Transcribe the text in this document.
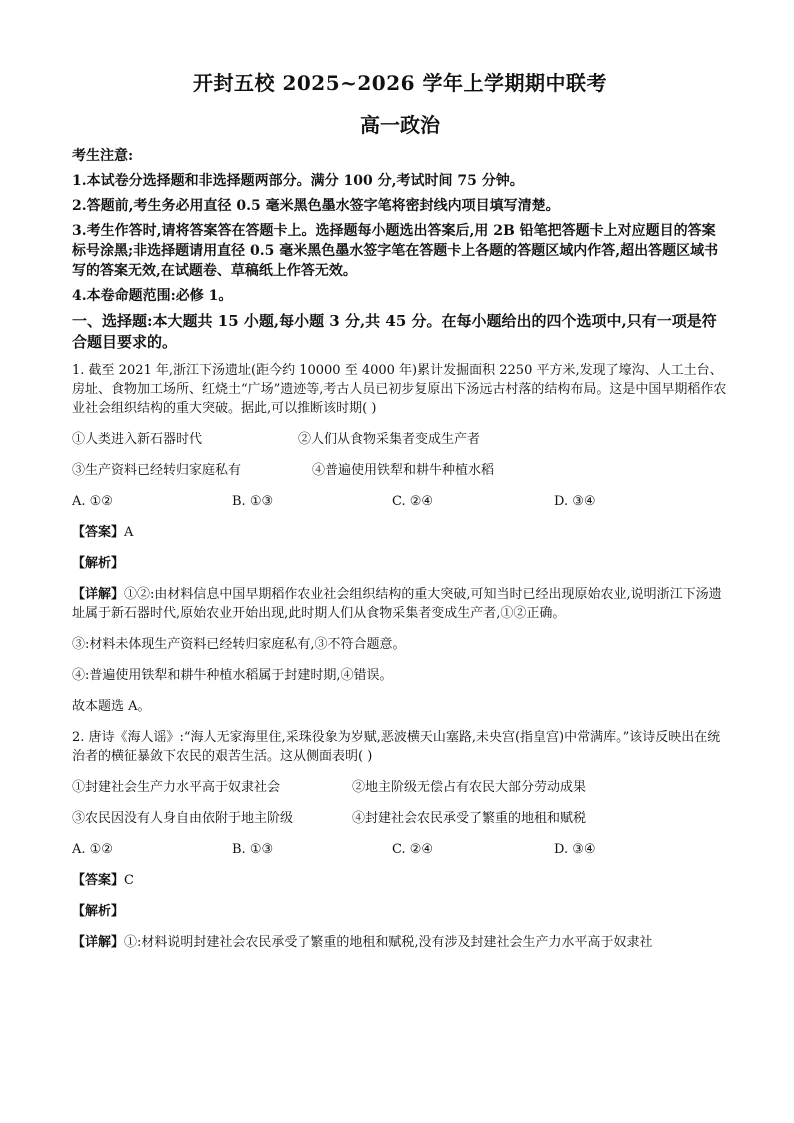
开封五校 2025~2026 学年上学期期中联考
高一政治
考生注意:
1.本试卷分选择题和非选择题两部分。满分 100 分,考试时间 75 分钟。
2.答题前,考生务必用直径 0.5 毫米黑色墨水签字笔将密封线内项目填写清楚。
3.考生作答时,请将答案答在答题卡上。选择题每小题选出答案后,用 2B 铅笔把答题卡上对应题目的答案标号涂黑;非选择题请用直径 0.5 毫米黑色墨水签字笔在答题卡上各题的答题区域内作答,超出答题区域书写的答案无效,在试题卷、草稿纸上作答无效。
4.本卷命题范围:必修 1。
一、选择题:本大题共 15 小题,每小题 3 分,共 45 分。在每小题给出的四个选项中,只有一项是符合题目要求的。
1. 截至 2021 年,浙江下汤遗址(距今约 10000 至 4000 年)累计发掘面积 2250 平方米,发现了壕沟、人工土台、房址、食物加工场所、红烧土“广场”遗迹等,考古人员已初步复原出下汤远古村落的结构布局。这是中国早期稻作农业社会组织结构的重大突破。据此,可以推断该时期( )
①人类进入新石器时代	②人们从食物采集者变成生产者
③生产资料已经转归家庭私有	④普遍使用铁犁和耕牛种植水稻
A. ①②	B. ①③	C. ②④	D. ③④
【答案】A
【解析】
【详解】①②:由材料信息中国早期稻作农业社会组织结构的重大突破,可知当时已经出现原始农业,说明浙江下汤遗址属于新石器时代,原始农业开始出现,此时期人们从食物采集者变成生产者,①②正确。
③:材料未体现生产资料已经转归家庭私有,③不符合题意。
④:普遍使用铁犁和耕牛种植水稻属于封建时期,④错误。
故本题选 A。
2. 唐诗《海人谣》:“海人无家海里住,采珠役象为岁赋,恶波横天山塞路,未央宫(指皇宫)中常满库。”该诗反映出在统治者的横征暴敛下农民的艰苦生活。这从侧面表明( )
①封建社会生产力水平高于奴隶社会	②地主阶级无偿占有农民大部分劳动成果
③农民因没有人身自由依附于地主阶级	④封建社会农民承受了繁重的地租和赋税
A. ①②	B. ①③	C. ②④	D. ③④
【答案】C
【解析】
【详解】①:材料说明封建社会农民承受了繁重的地租和赋税,没有涉及封建社会生产力水平高于奴隶社
